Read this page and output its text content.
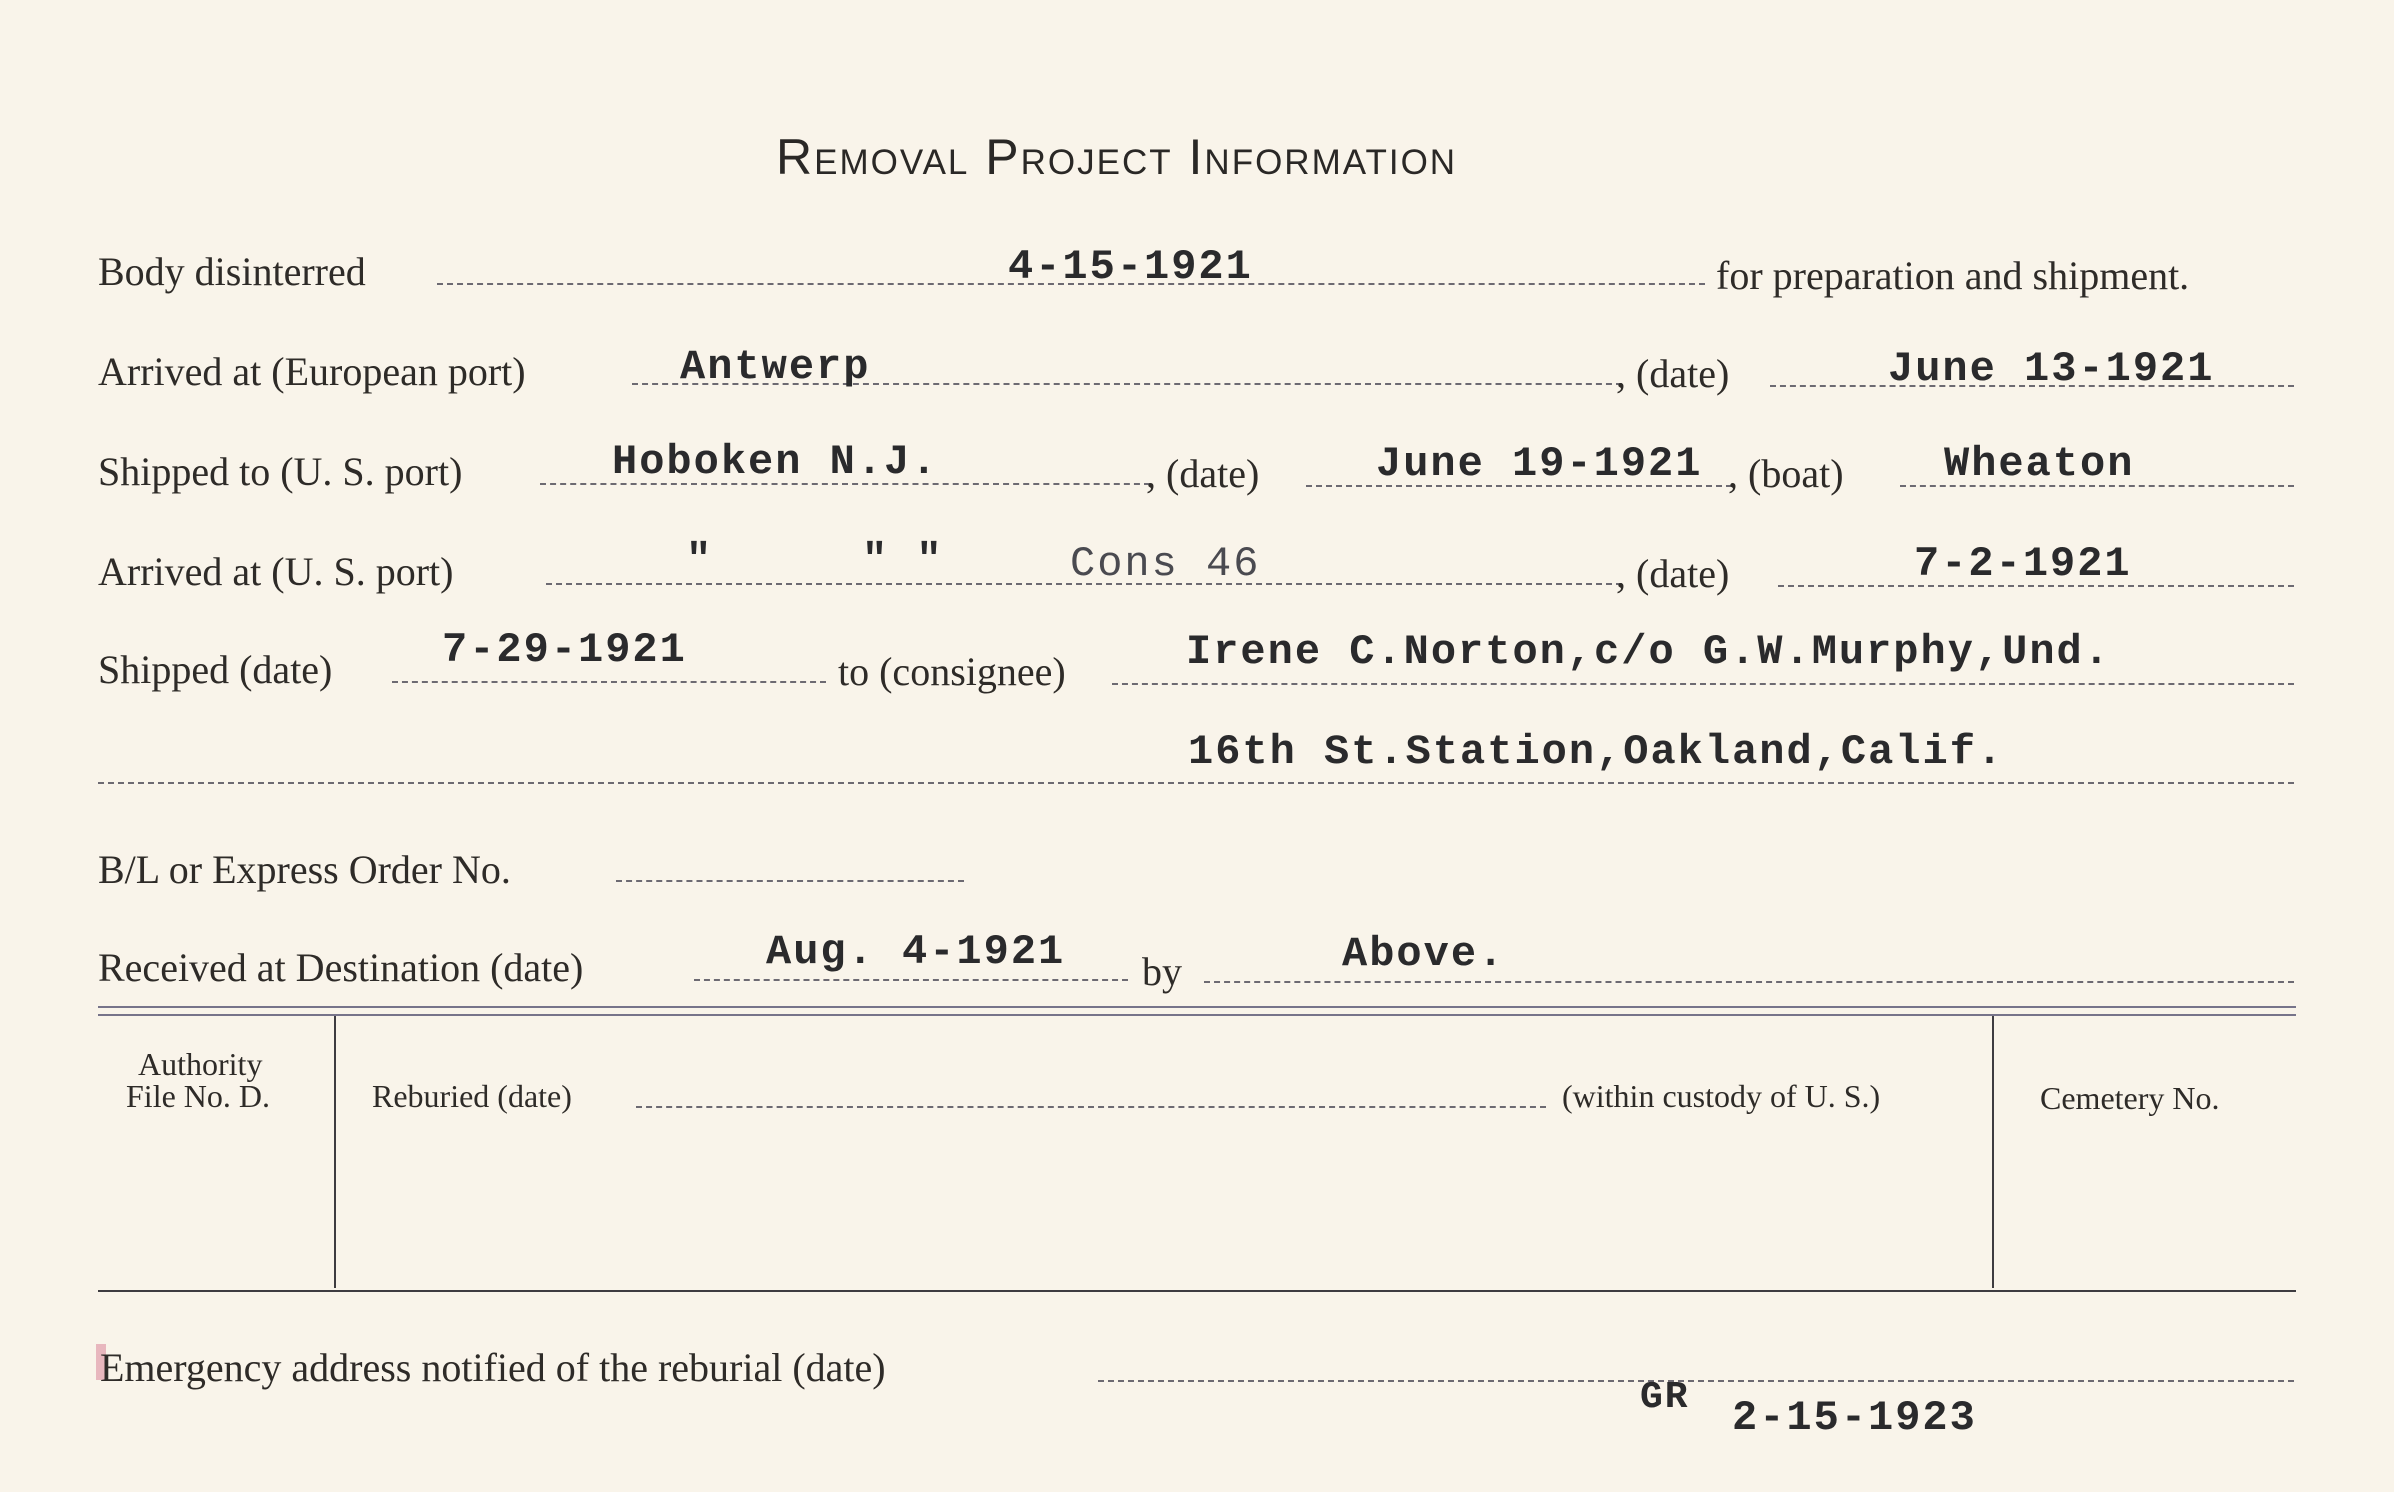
Removal Project Information
Body disinterred	4-15-1921	for preparation and shipment.
Arrived at (European port)	Antwerp	, (date)	June 13-1921
Shipped to (U. S. port)	Hoboken N.J.	, (date)	June 19-1921 , (boat) Wheaton
Arrived at (U. S. port)	"	" "	Cons 46	, (date)	7-2-1921
Shipped (date)	7-29-1921	to (consignee)	Irene C.Norton,c/o G.W.Murphy,Und.
16th St.Station,Oakland,Calif.
B/L or Express Order No.
Received at Destination (date)	Aug. 4-1921 by	Above.
Authority
File No. D.	Reburied (date)	(within custody of U. S.)	Cemetery No.
Emergency address notified of the reburial (date)
GR 2-15-1923
